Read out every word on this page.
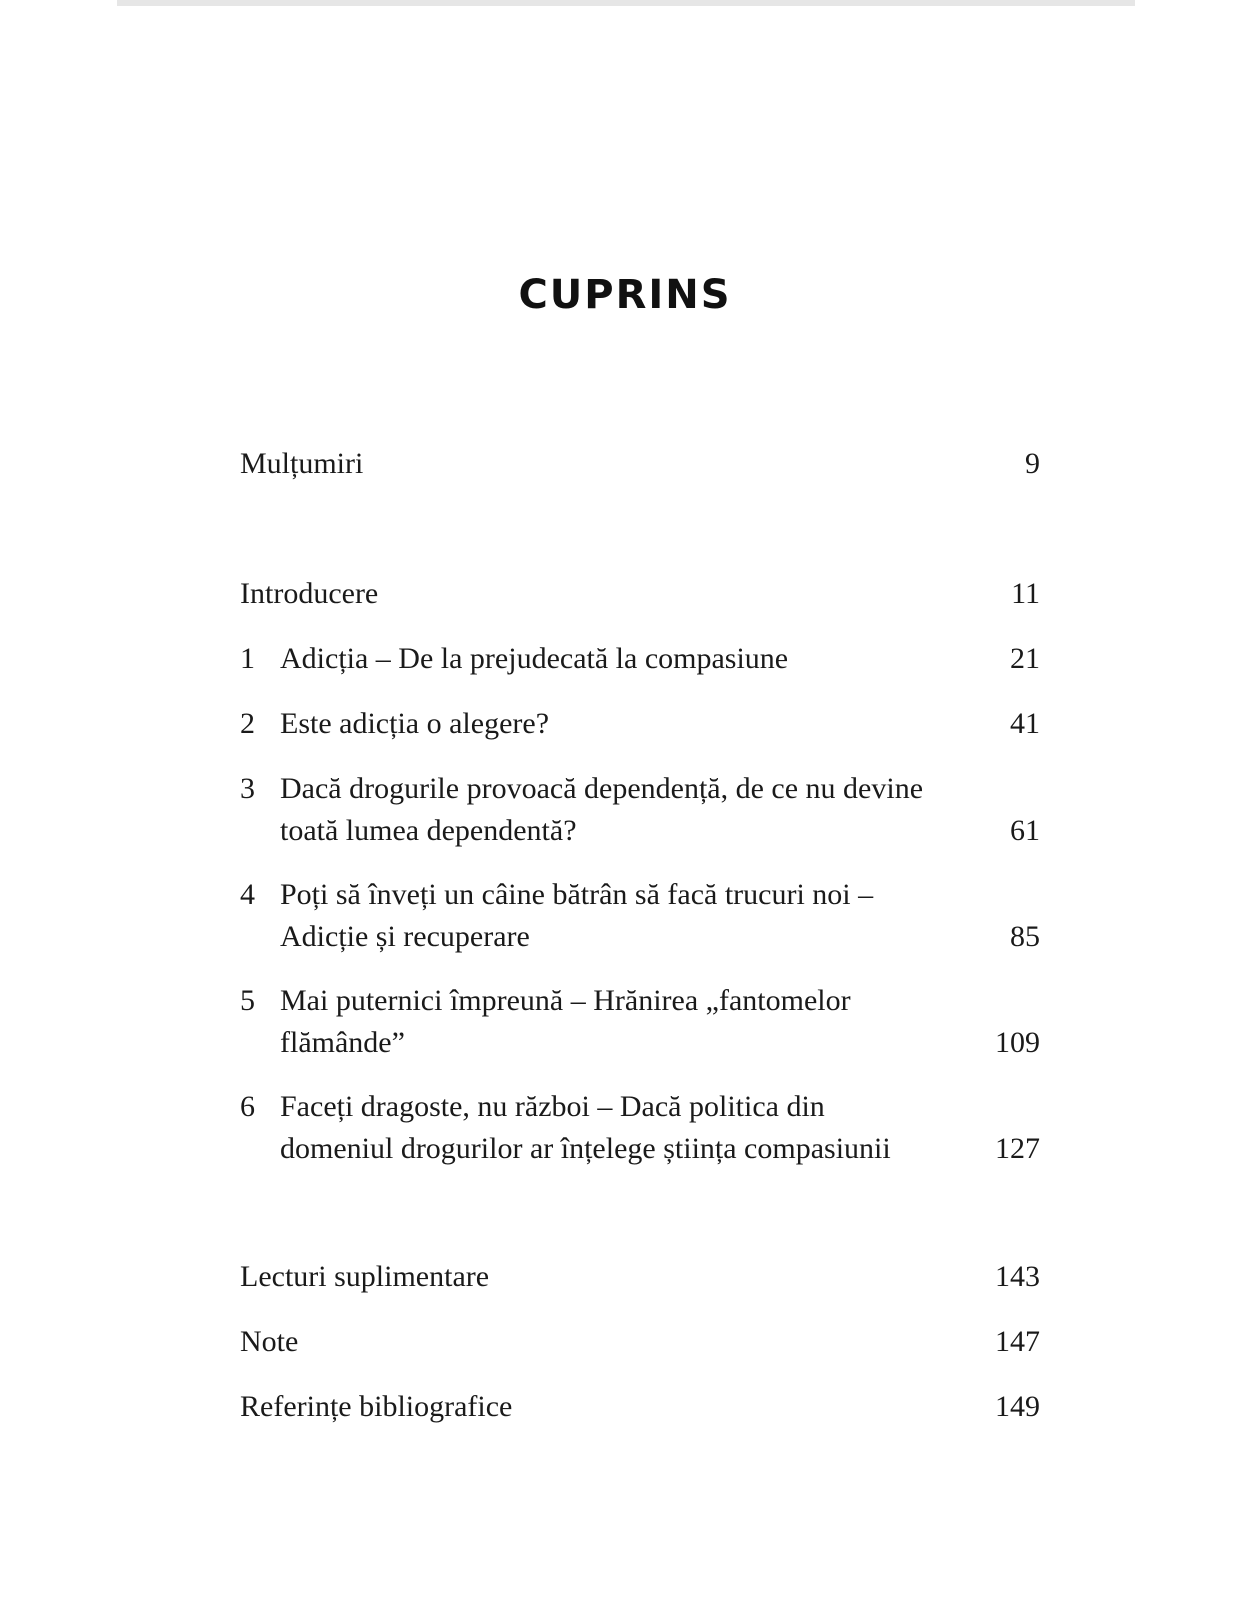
CUPRINS
Mulțumiri	9
Introducere	11
1 Adicția – De la prejudecată la compasiune	21
2 Este adicția o alegere?	41
3 Dacă drogurile provoacă dependență, de ce nu devine toată lumea dependentă?	61
4 Poți să înveți un câine bătrân să facă trucuri noi – Adicție și recuperare	85
5 Mai puternici împreună – Hrănirea „fantomelor flămânde”	109
6 Faceți dragoste, nu război – Dacă politica din domeniul drogurilor ar înțelege știința compasiunii	127
Lecturi suplimentare	143
Note	147
Referințe bibliografice	149
